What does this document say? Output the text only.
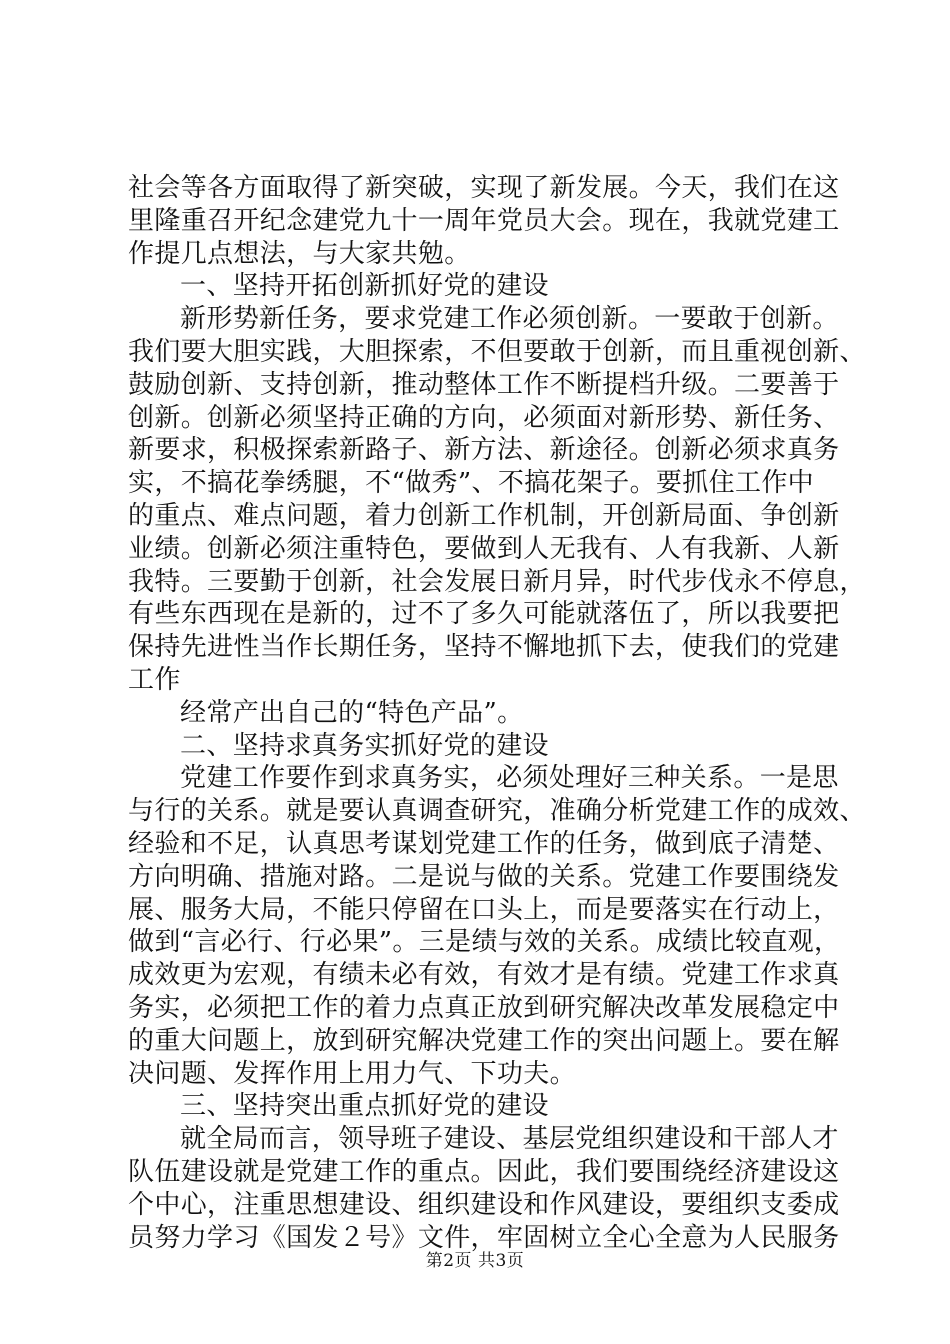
社会等各方面取得了新突破，实现了新发展。今天，我们在这
里隆重召开纪念建党九十一周年党员大会。现在，我就党建工
作提几点想法，与大家共勉。
一、坚持开拓创新抓好党的建设
新形势新任务，要求党建工作必须创新。一要敢于创新。
我们要大胆实践，大胆探索，不但要敢于创新，而且重视创新、
鼓励创新、支持创新，推动整体工作不断提档升级。二要善于
创新。创新必须坚持正确的方向，必须面对新形势、新任务、
新要求，积极探索新路子、新方法、新途径。创新必须求真务
实，不搞花拳绣腿，不“做秀”、不搞花架子。要抓住工作中
的重点、难点问题，着力创新工作机制，开创新局面、争创新
业绩。创新必须注重特色，要做到人无我有、人有我新、人新
我特。三要勤于创新，社会发展日新月异，时代步伐永不停息，
有些东西现在是新的，过不了多久可能就落伍了，所以我要把
保持先进性当作长期任务，坚持不懈地抓下去，使我们的党建
工作
经常产出自己的“特色产品”。
二、坚持求真务实抓好党的建设
党建工作要作到求真务实，必须处理好三种关系。一是思
与行的关系。就是要认真调查研究，准确分析党建工作的成效、
经验和不足，认真思考谋划党建工作的任务，做到底子清楚、
方向明确、措施对路。二是说与做的关系。党建工作要围绕发
展、服务大局，不能只停留在口头上，而是要落实在行动上，
做到“言必行、行必果”。三是绩与效的关系。成绩比较直观，
成效更为宏观，有绩未必有效，有效才是有绩。党建工作求真
务实，必须把工作的着力点真正放到研究解决改革发展稳定中
的重大问题上，放到研究解决党建工作的突出问题上。要在解
决问题、发挥作用上用力气、下功夫。
三、坚持突出重点抓好党的建设
就全局而言，领导班子建设、基层党组织建设和干部人才
队伍建设就是党建工作的重点。因此，我们要围绕经济建设这
个中心，注重思想建设、组织建设和作风建设，要组织支委成
员努力学习《国发２号》文件，牢固树立全心全意为人民服务
第2页 共3页
